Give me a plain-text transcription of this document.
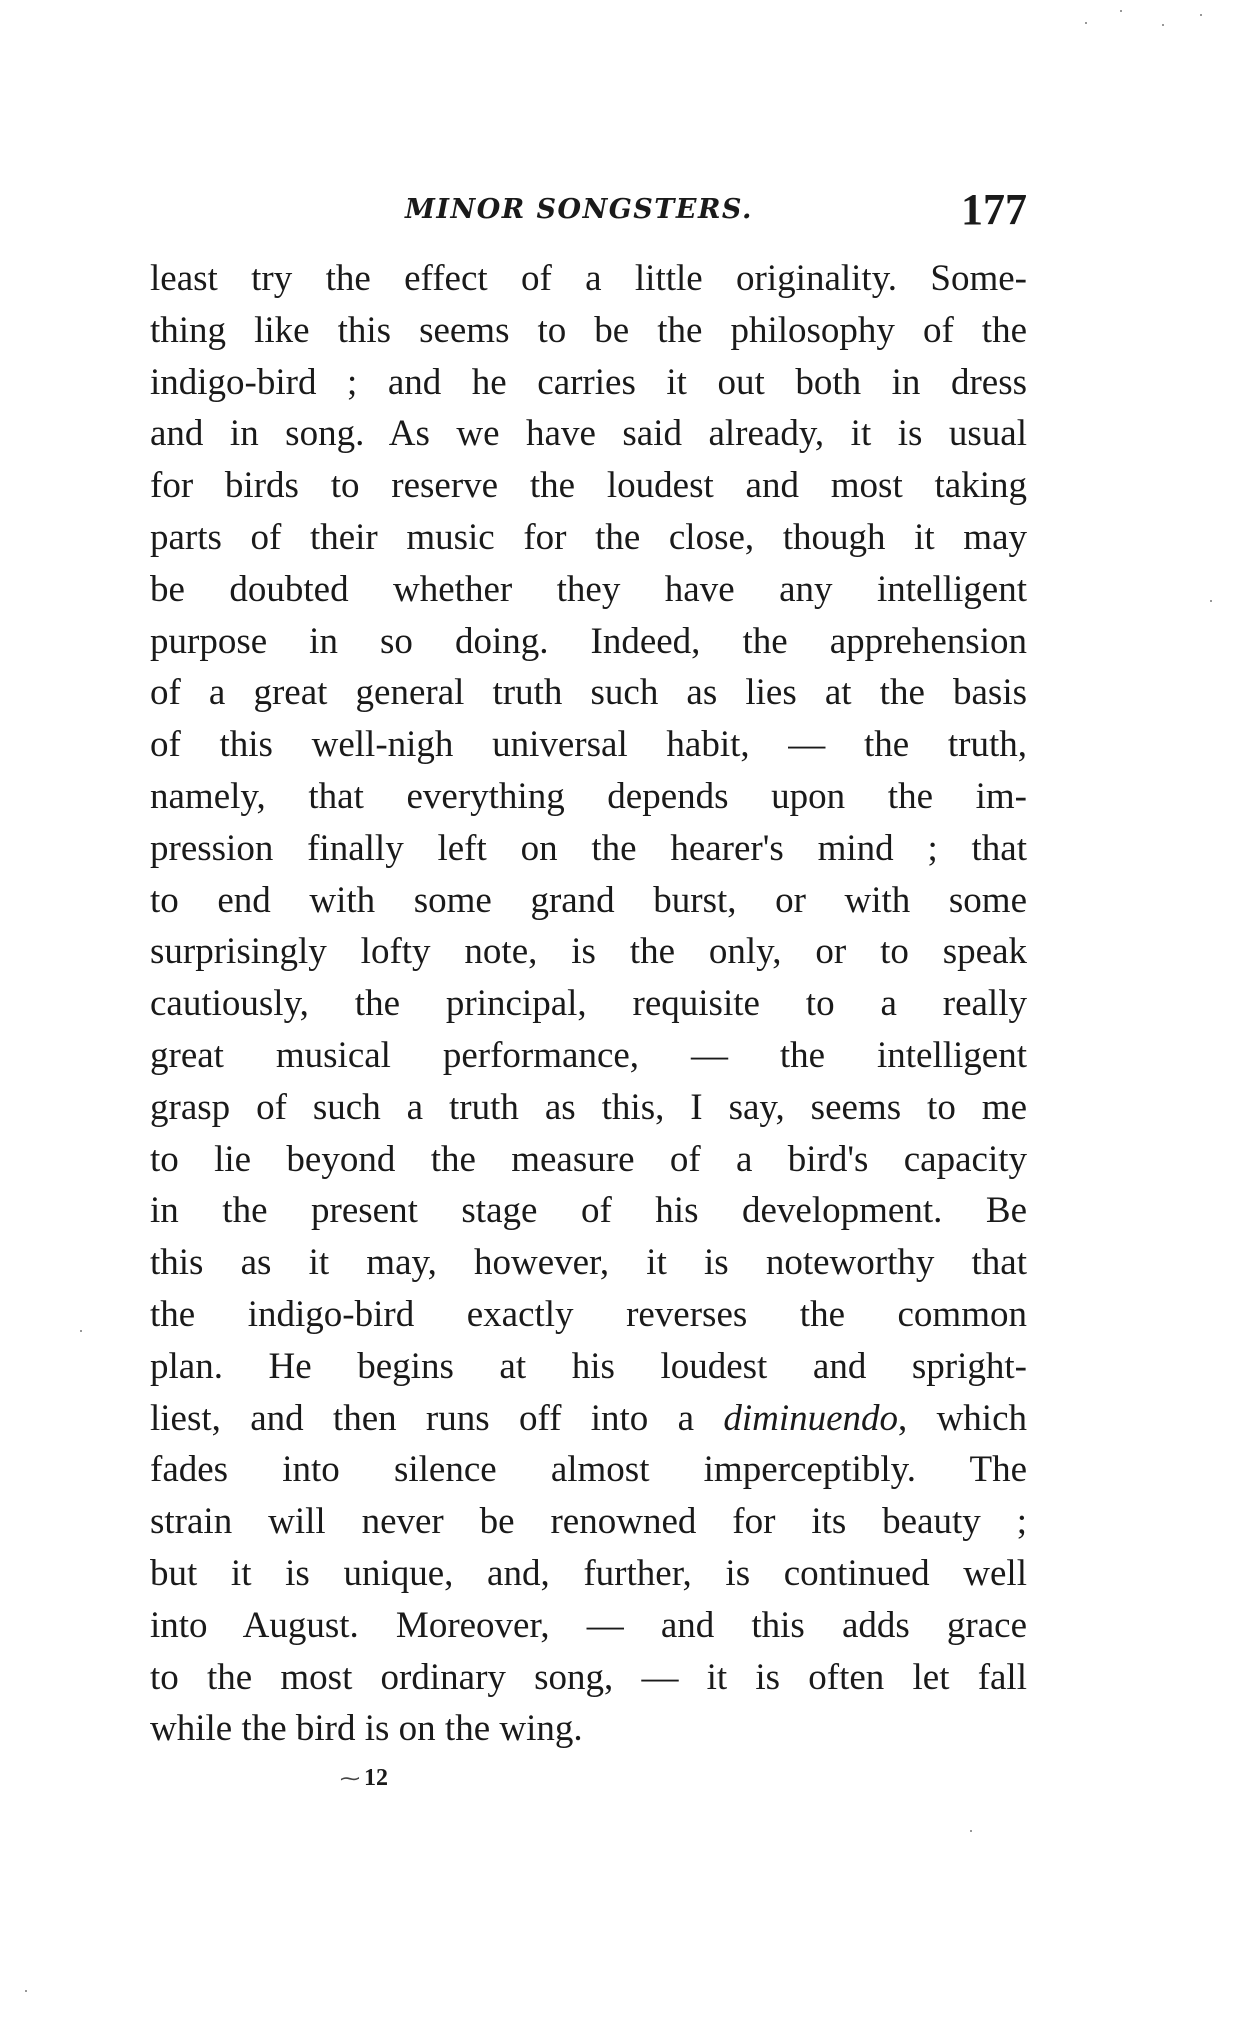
MINOR SONGSTERS.	177
least try the effect of a little originality. Some-
thing like this seems to be the philosophy of the
indigo-bird ; and he carries it out both in dress
and in song. As we have said already, it is usual
for birds to reserve the loudest and most taking
parts of their music for the close, though it may
be doubted whether they have any intelligent
purpose in so doing. Indeed, the apprehension
of a great general truth such as lies at the basis
of this well-nigh universal habit, — the truth,
namely, that everything depends upon the im-
pression finally left on the hearer's mind ; that
to end with some grand burst, or with some
surprisingly lofty note, is the only, or to speak
cautiously, the principal, requisite to a really
great musical performance, — the intelligent
grasp of such a truth as this, I say, seems to me
to lie beyond the measure of a bird's capacity
in the present stage of his development. Be
this as it may, however, it is noteworthy that
the indigo-bird exactly reverses the common
plan. He begins at his loudest and spright-
liest, and then runs off into a diminuendo, which
fades into silence almost imperceptibly. The
strain will never be renowned for its beauty ;
but it is unique, and, further, is continued well
into August. Moreover, — and this adds grace
to the most ordinary song, — it is often let fall
while the bird is on the wing.
⁓ 12
